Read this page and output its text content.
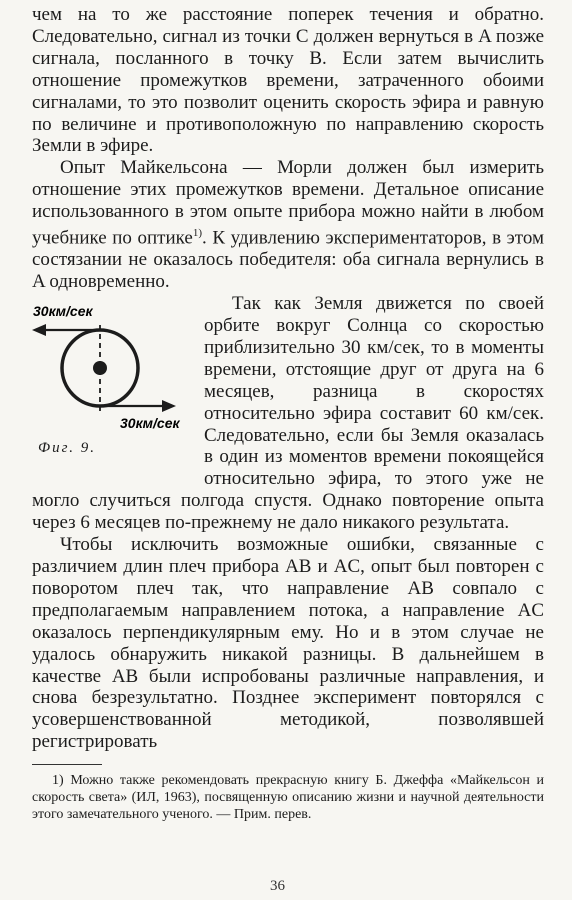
чем на то же расстояние поперек течения и обратно. Следовательно, сигнал из точки C должен вернуться в A позже сигнала, посланного в точку B. Если затем вычислить отношение промежутков времени, затраченного обоими сигналами, то это позволит оценить скорость эфира и равную по величине и противоположную по направлению скорость Земли в эфире.

Опыт Майкельсона — Морли должен был измерить отношение этих промежутков времени. Детальное описание использованного в этом опыте прибора можно найти в любом учебнике по оптике$^{1)}$. К удивлению экспериментаторов, в этом состязании не оказалось победителя: оба сигнала вернулись в A одновременно.

30км/сек
30км/сек
Фиг. 9.

Так как Земля движется по своей орбите вокруг Солнца со скоростью приблизительно 30 км/сек, то в моменты времени, отстоящие друг от друга на 6 месяцев, разница в скоростях относительно эфира составит 60 км/сек. Следовательно, если бы Земля оказалась в один из моментов времени покоящейся относительно эфира, то этого уже не могло случиться полгода спустя. Однако повторение опыта через 6 месяцев по-прежнему не дало никакого результата.

Чтобы исключить возможные ошибки, связанные с различием длин плеч прибора AB и AC, опыт был повторен с поворотом плеч так, что направление AB совпало с предполагаемым направлением потока, а направление AC оказалось перпендикулярным ему. Но и в этом случае не удалось обнаружить никакой разницы. В дальнейшем в качестве AB были испробованы различные направления, и снова безрезультатно. Позднее эксперимент повторялся с усовершенствованной методикой, позволявшей регистрировать

1) Можно также рекомендовать прекрасную книгу Б. Джеффа «Майкельсон и скорость света» (ИЛ, 1963), посвященную описанию жизни и научной деятельности этого замечательного ученого. — Прим. перев.
36
